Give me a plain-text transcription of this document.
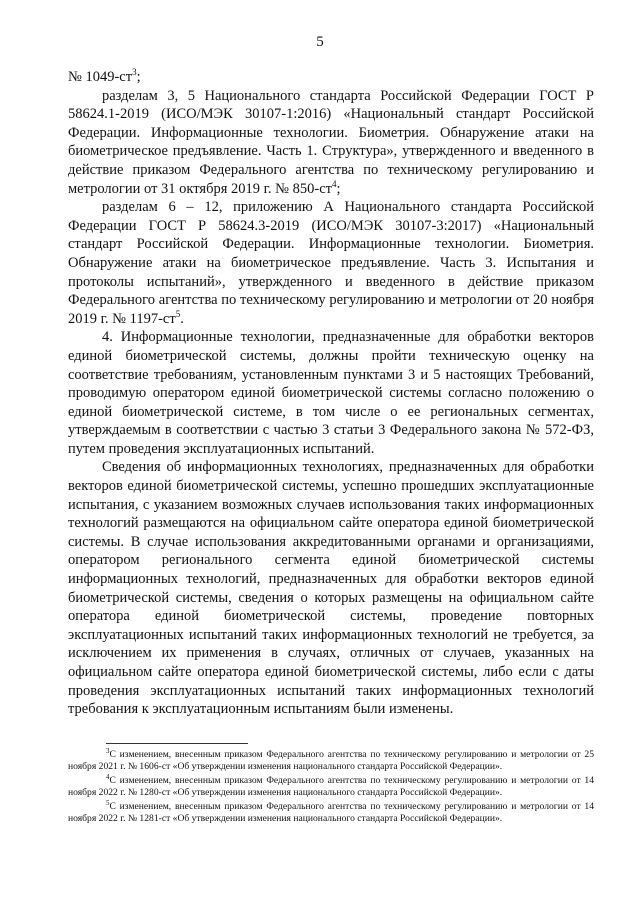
5

№ $1049-ст^3$;

разделам 3, 5 Национального стандарта Российской Федерации ГОСТ Р 58624.1-2019 (ИСО/МЭК 30107-1:2016) «Национальный стандарт Российской Федерации. Информационные технологии. Биометрия. Обнаружение атаки на биометрическое предъявление. Часть 1. Структура», утвержденного и введенного в действие приказом Федерального агентства по техническому регулированию и метрологии от 31 октября 2019 г. № $850-ст^4$;

разделам 6 – 12, приложению А Национального стандарта Российской Федерации ГОСТ Р 58624.3-2019 (ИСО/МЭК 30107-3:2017) «Национальный стандарт Российской Федерации. Информационные технологии. Биометрия. Обнаружение атаки на биометрическое предъявление. Часть 3. Испытания и протоколы испытаний», утвержденного и введенного в действие приказом Федерального агентства по техническому регулированию и метрологии от 20 ноября 2019 г. № $1197-ст^5$.

4. Информационные технологии, предназначенные для обработки векторов единой биометрической системы, должны пройти техническую оценку на соответствие требованиям, установленным пунктами 3 и 5 настоящих Требований, проводимую оператором единой биометрической системы согласно положению о единой биометрической системе, в том числе о ее региональных сегментах, утверждаемым в соответствии с частью 3 статьи 3 Федерального закона № 572-ФЗ, путем проведения эксплуатационных испытаний.

Сведения об информационных технологиях, предназначенных для обработки векторов единой биометрической системы, успешно прошедших эксплуатационные испытания, с указанием возможных случаев использования таких информационных технологий размещаются на официальном сайте оператора единой биометрической системы. В случае использования аккредитованными органами и организациями, оператором регионального сегмента единой биометрической системы информационных технологий, предназначенных для обработки векторов единой биометрической системы, сведения о которых размещены на официальном сайте оператора единой биометрической системы, проведение повторных эксплуатационных испытаний таких информационных технологий не требуется, за исключением их применения в случаях, отличных от случаев, указанных на официальном сайте оператора единой биометрической системы, либо если с даты проведения эксплуатационных испытаний таких информационных технологий требования к эксплуатационным испытаниям были изменены.

$^3$С изменением, внесенным приказом Федерального агентства по техническому регулированию и метрологии от 25 ноября 2021 г. № 1606-ст «Об утверждении изменения национального стандарта Российской Федерации».

$^4$С изменением, внесенным приказом Федерального агентства по техническому регулированию и метрологии от 14 ноября 2022 г. № 1280-ст «Об утверждении изменения национального стандарта Российской Федерации».

$^5$С изменением, внесенным приказом Федерального агентства по техническому регулированию и метрологии от 14 ноября 2022 г. № 1281-ст «Об утверждении изменения национального стандарта Российской Федерации».
